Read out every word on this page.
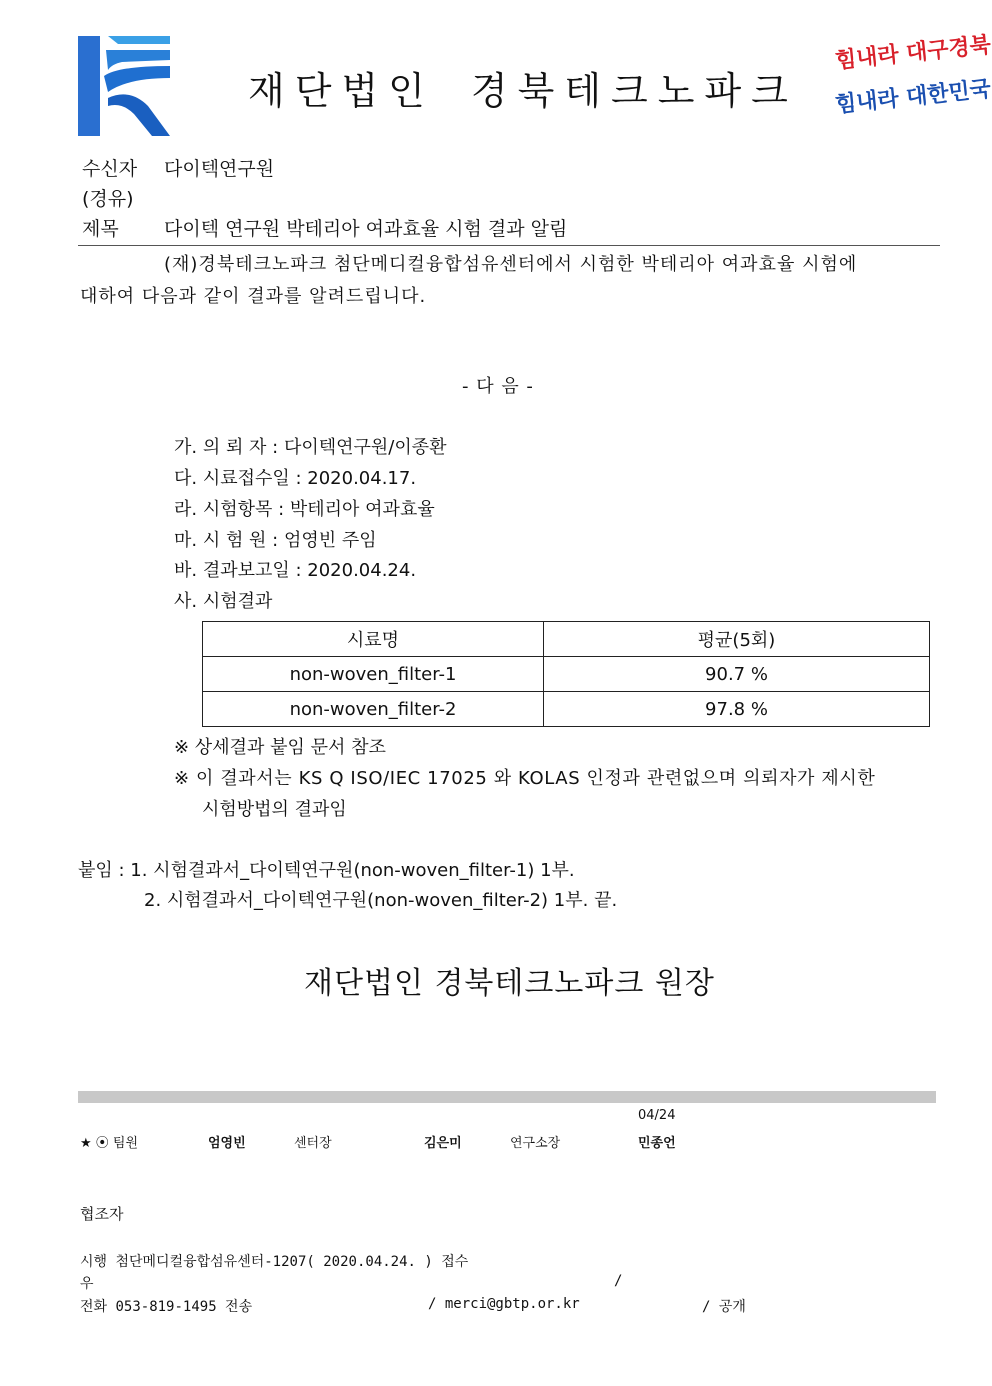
재단법인 경북테크노파크
힘내라 대구경북
힘내라 대한민국
수신자 다이텍연구원
(경유)
제목 다이텍 연구원 박테리아 여과효율 시험 결과 알림
(재)경북테크노파크 첨단메디컬융합섬유센터에서 시험한 박테리아 여과효율 시험에
대하여 다음과 같이 결과를 알려드립니다.
- 다 음 -
가. 의 뢰 자 : 다이텍연구원/이종환
다. 시료접수일 : 2020.04.17.
라. 시험항목 : 박테리아 여과효율
마. 시 험 원 : 엄영빈 주임
바. 결과보고일 : 2020.04.24.
사. 시험결과
시료명	평균(5회)
non-woven_filter-1	90.7 %
non-woven_filter-2	97.8 %
※ 상세결과 붙임 문서 참조
※ 이 결과서는 KS Q ISO/IEC 17025 와 KOLAS 인정과 관련없으며 의뢰자가 제시한
시험방법의 결과임
붙임 : 1. 시험결과서_다이텍연구원(non-woven_filter-1) 1부.
2. 시험결과서_다이텍연구원(non-woven_filter-2) 1부. 끝.
재단법인 경북테크노파크 원장
04/24
★ ⦿ 팀원	엄영빈	센터장	김은미	연구소장	민종언
협조자
시행 첨단메디컬융합섬유센터-1207( 2020.04.24. ) 접수
우	/
전화 053-819-1495 전송	/ merci@gbtp.or.kr	/ 공개
